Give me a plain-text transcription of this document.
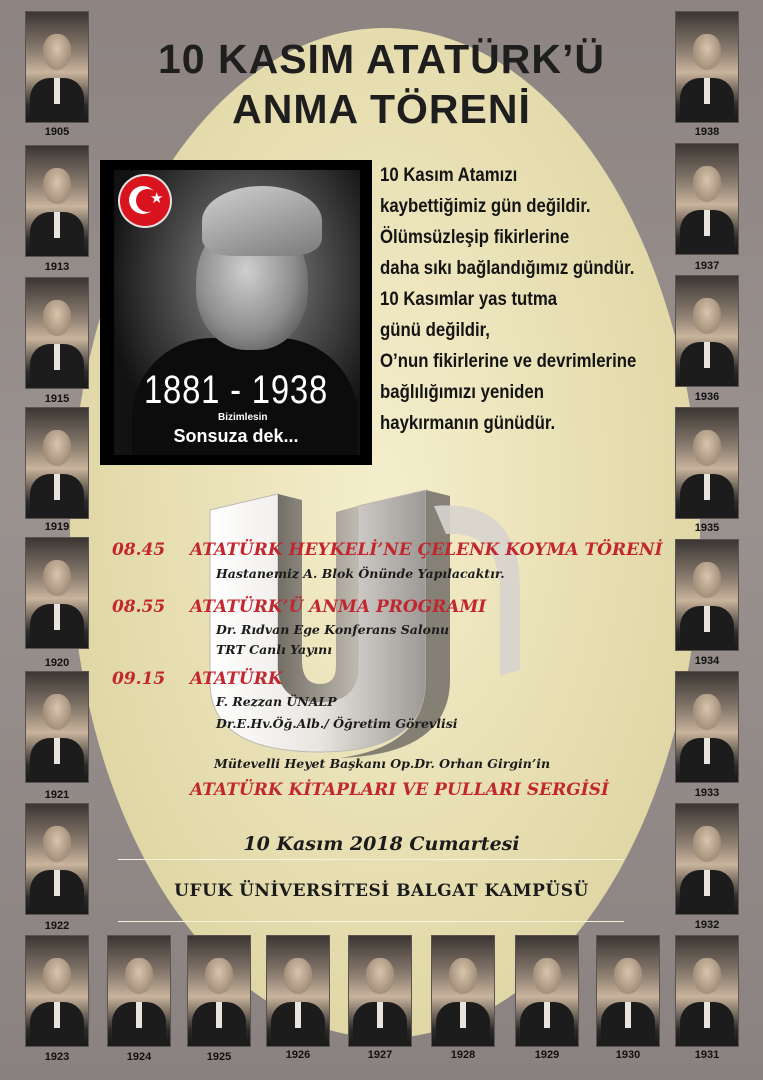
10 KASIM ATATÜRK’Ü
ANMA TÖRENİ
1905
1913
1915
1919
1920
1921
1922
1938
1937
1936
1935
1934
1933
1932
1923	1924	1925	1926	1927	1928	1929	1930	1931
★
1881 - 1938
Bizimlesin
Sonsuza dek...
10 Kasım Atamızı
kaybettiğimiz gün değildir.
Ölümsüzleşip fikirlerine
daha sıkı bağlandığımız gündür.
10 Kasımlar yas tutma
günü değildir,
O’nun fikirlerine ve devrimlerine
bağlılığımızı yeniden
haykırmanın günüdür.
08.45 ATATÜRK HEYKELİ’NE ÇELENK KOYMA TÖRENİ
Hastanemiz A. Blok Önünde Yapılacaktır.
08.55 ATATÜRK’Ü ANMA PROGRAMI
Dr. Rıdvan Ege Konferans Salonu
TRT Canlı Yayını
09.15 ATATÜRK
F. Rezzan ÜNALP
Dr.E.Hv.Öğ.Alb./ Öğretim Görevlisi
Mütevelli Heyet Başkanı Op.Dr. Orhan Girgin’in
ATATÜRK KİTAPLARI VE PULLARI SERGİSİ
10 Kasım 2018 Cumartesi
UFUK ÜNİVERSİTESİ BALGAT KAMPÜSÜ
